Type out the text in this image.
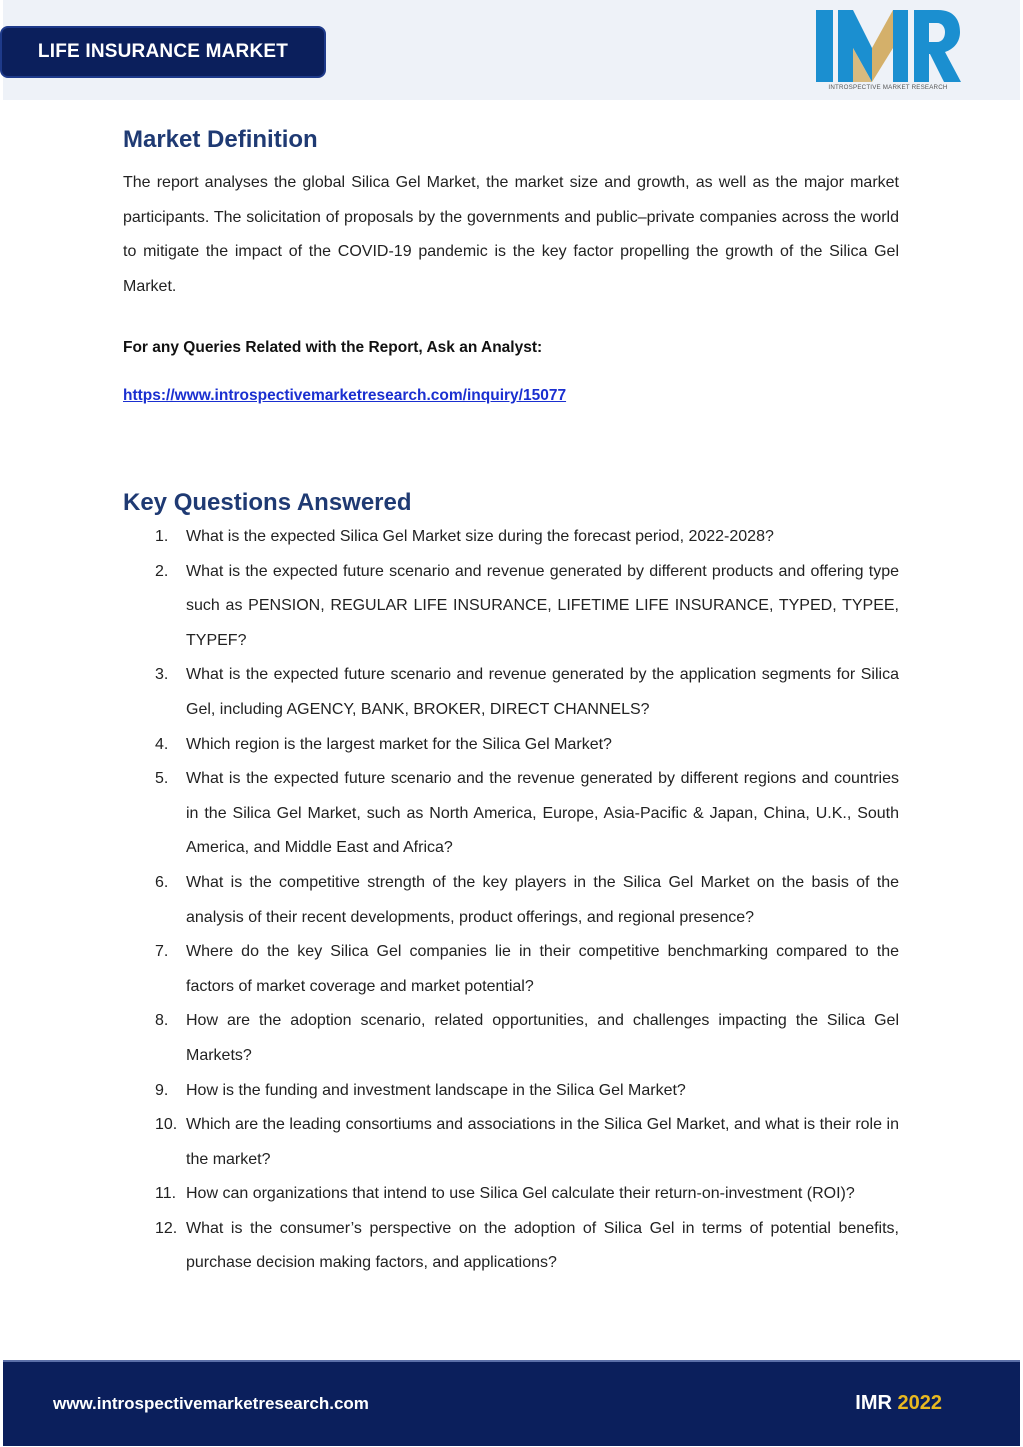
LIFE INSURANCE MARKET
INTROSPECTIVE MARKET RESEARCH
Market Definition

The report analyses the global Silica Gel Market, the market size and growth, as well as the major market participants. The solicitation of proposals by the governments and public–private companies across the world to mitigate the impact of the COVID-19 pandemic is the key factor propelling the growth of the Silica Gel Market.

For any Queries Related with the Report, Ask an Analyst:

https://www.introspectivemarketresearch.com/inquiry/15077
Key Questions Answered
1.	What is the expected Silica Gel Market size during the forecast period, 2022-2028?
2.	What is the expected future scenario and revenue generated by different products and offering type such as PENSION, REGULAR LIFE INSURANCE, LIFETIME LIFE INSURANCE, TYPED, TYPEE, TYPEF?
3.	What is the expected future scenario and revenue generated by the application segments for Silica Gel, including AGENCY, BANK, BROKER, DIRECT CHANNELS?
4.	Which region is the largest market for the Silica Gel Market?
5.	What is the expected future scenario and the revenue generated by different regions and countries in the Silica Gel Market, such as North America, Europe, Asia-Pacific & Japan, China, U.K., South America, and Middle East and Africa?
6.	What is the competitive strength of the key players in the Silica Gel Market on the basis of the analysis of their recent developments, product offerings, and regional presence?
7.	Where do the key Silica Gel companies lie in their competitive benchmarking compared to the factors of market coverage and market potential?
8.	How are the adoption scenario, related opportunities, and challenges impacting the Silica Gel Markets?
9.	How is the funding and investment landscape in the Silica Gel Market?
10. Which are the leading consortiums and associations in the Silica Gel Market, and what is their role in the market?
11. How can organizations that intend to use Silica Gel calculate their return-on-investment (ROI)?
12. What is the consumer’s perspective on the adoption of Silica Gel in terms of potential benefits, purchase decision making factors, and applications?
www.introspectivemarketresearch.com	IMR 2022
